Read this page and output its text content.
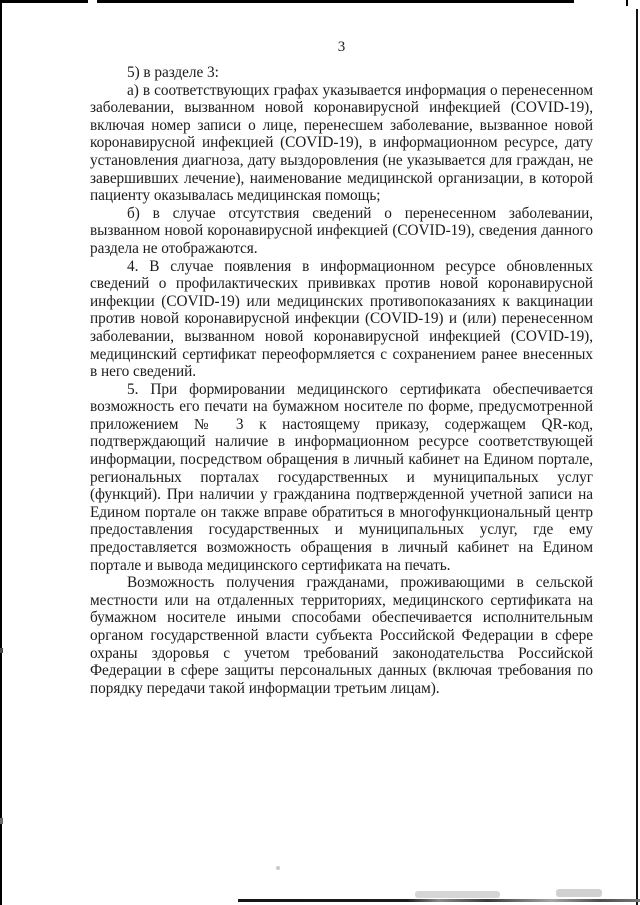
3

5) в разделе 3:

а) в соответствующих графах указывается информация о перенесенном заболевании, вызванном новой коронавирусной инфекцией (COVID-19), включая номер записи о лице, перенесшем заболевание, вызванное новой коронавирусной инфекцией (COVID-19), в информационном ресурсе, дату установления диагноза, дату выздоровления (не указывается для граждан, не завершивших лечение), наименование медицинской организации, в которой пациенту оказывалась медицинская помощь;

б) в случае отсутствия сведений о перенесенном заболевании, вызванном новой коронавирусной инфекцией (COVID-19), сведения данного раздела не отображаются.

4. В случае появления в информационном ресурсе обновленных сведений о профилактических прививках против новой коронавирусной инфекции (COVID-19) или медицинских противопоказаниях к вакцинации против новой коронавирусной инфекции (COVID-19) и (или) перенесенном заболевании, вызванном новой коронавирусной инфекцией (COVID-19), медицинский сертификат переоформляется с сохранением ранее внесенных в него сведений.

5. При формировании медицинского сертификата обеспечивается возможность его печати на бумажном носителе по форме, предусмотренной приложением № 3 к настоящему приказу, содержащем QR-код, подтверждающий наличие в информационном ресурсе соответствующей информации, посредством обращения в личный кабинет на Едином портале, региональных порталах государственных и муниципальных услуг (функций). При наличии у гражданина подтвержденной учетной записи на Едином портале он также вправе обратиться в многофункциональный центр предоставления государственных и муниципальных услуг, где ему предоставляется возможность обращения в личный кабинет на Едином портале и вывода медицинского сертификата на печать.

Возможность получения гражданами, проживающими в сельской местности или на отдаленных территориях, медицинского сертификата на бумажном носителе иными способами обеспечивается исполнительным органом государственной власти субъекта Российской Федерации в сфере охраны здоровья с учетом требований законодательства Российской Федерации в сфере защиты персональных данных (включая требования по порядку передачи такой информации третьим лицам).
